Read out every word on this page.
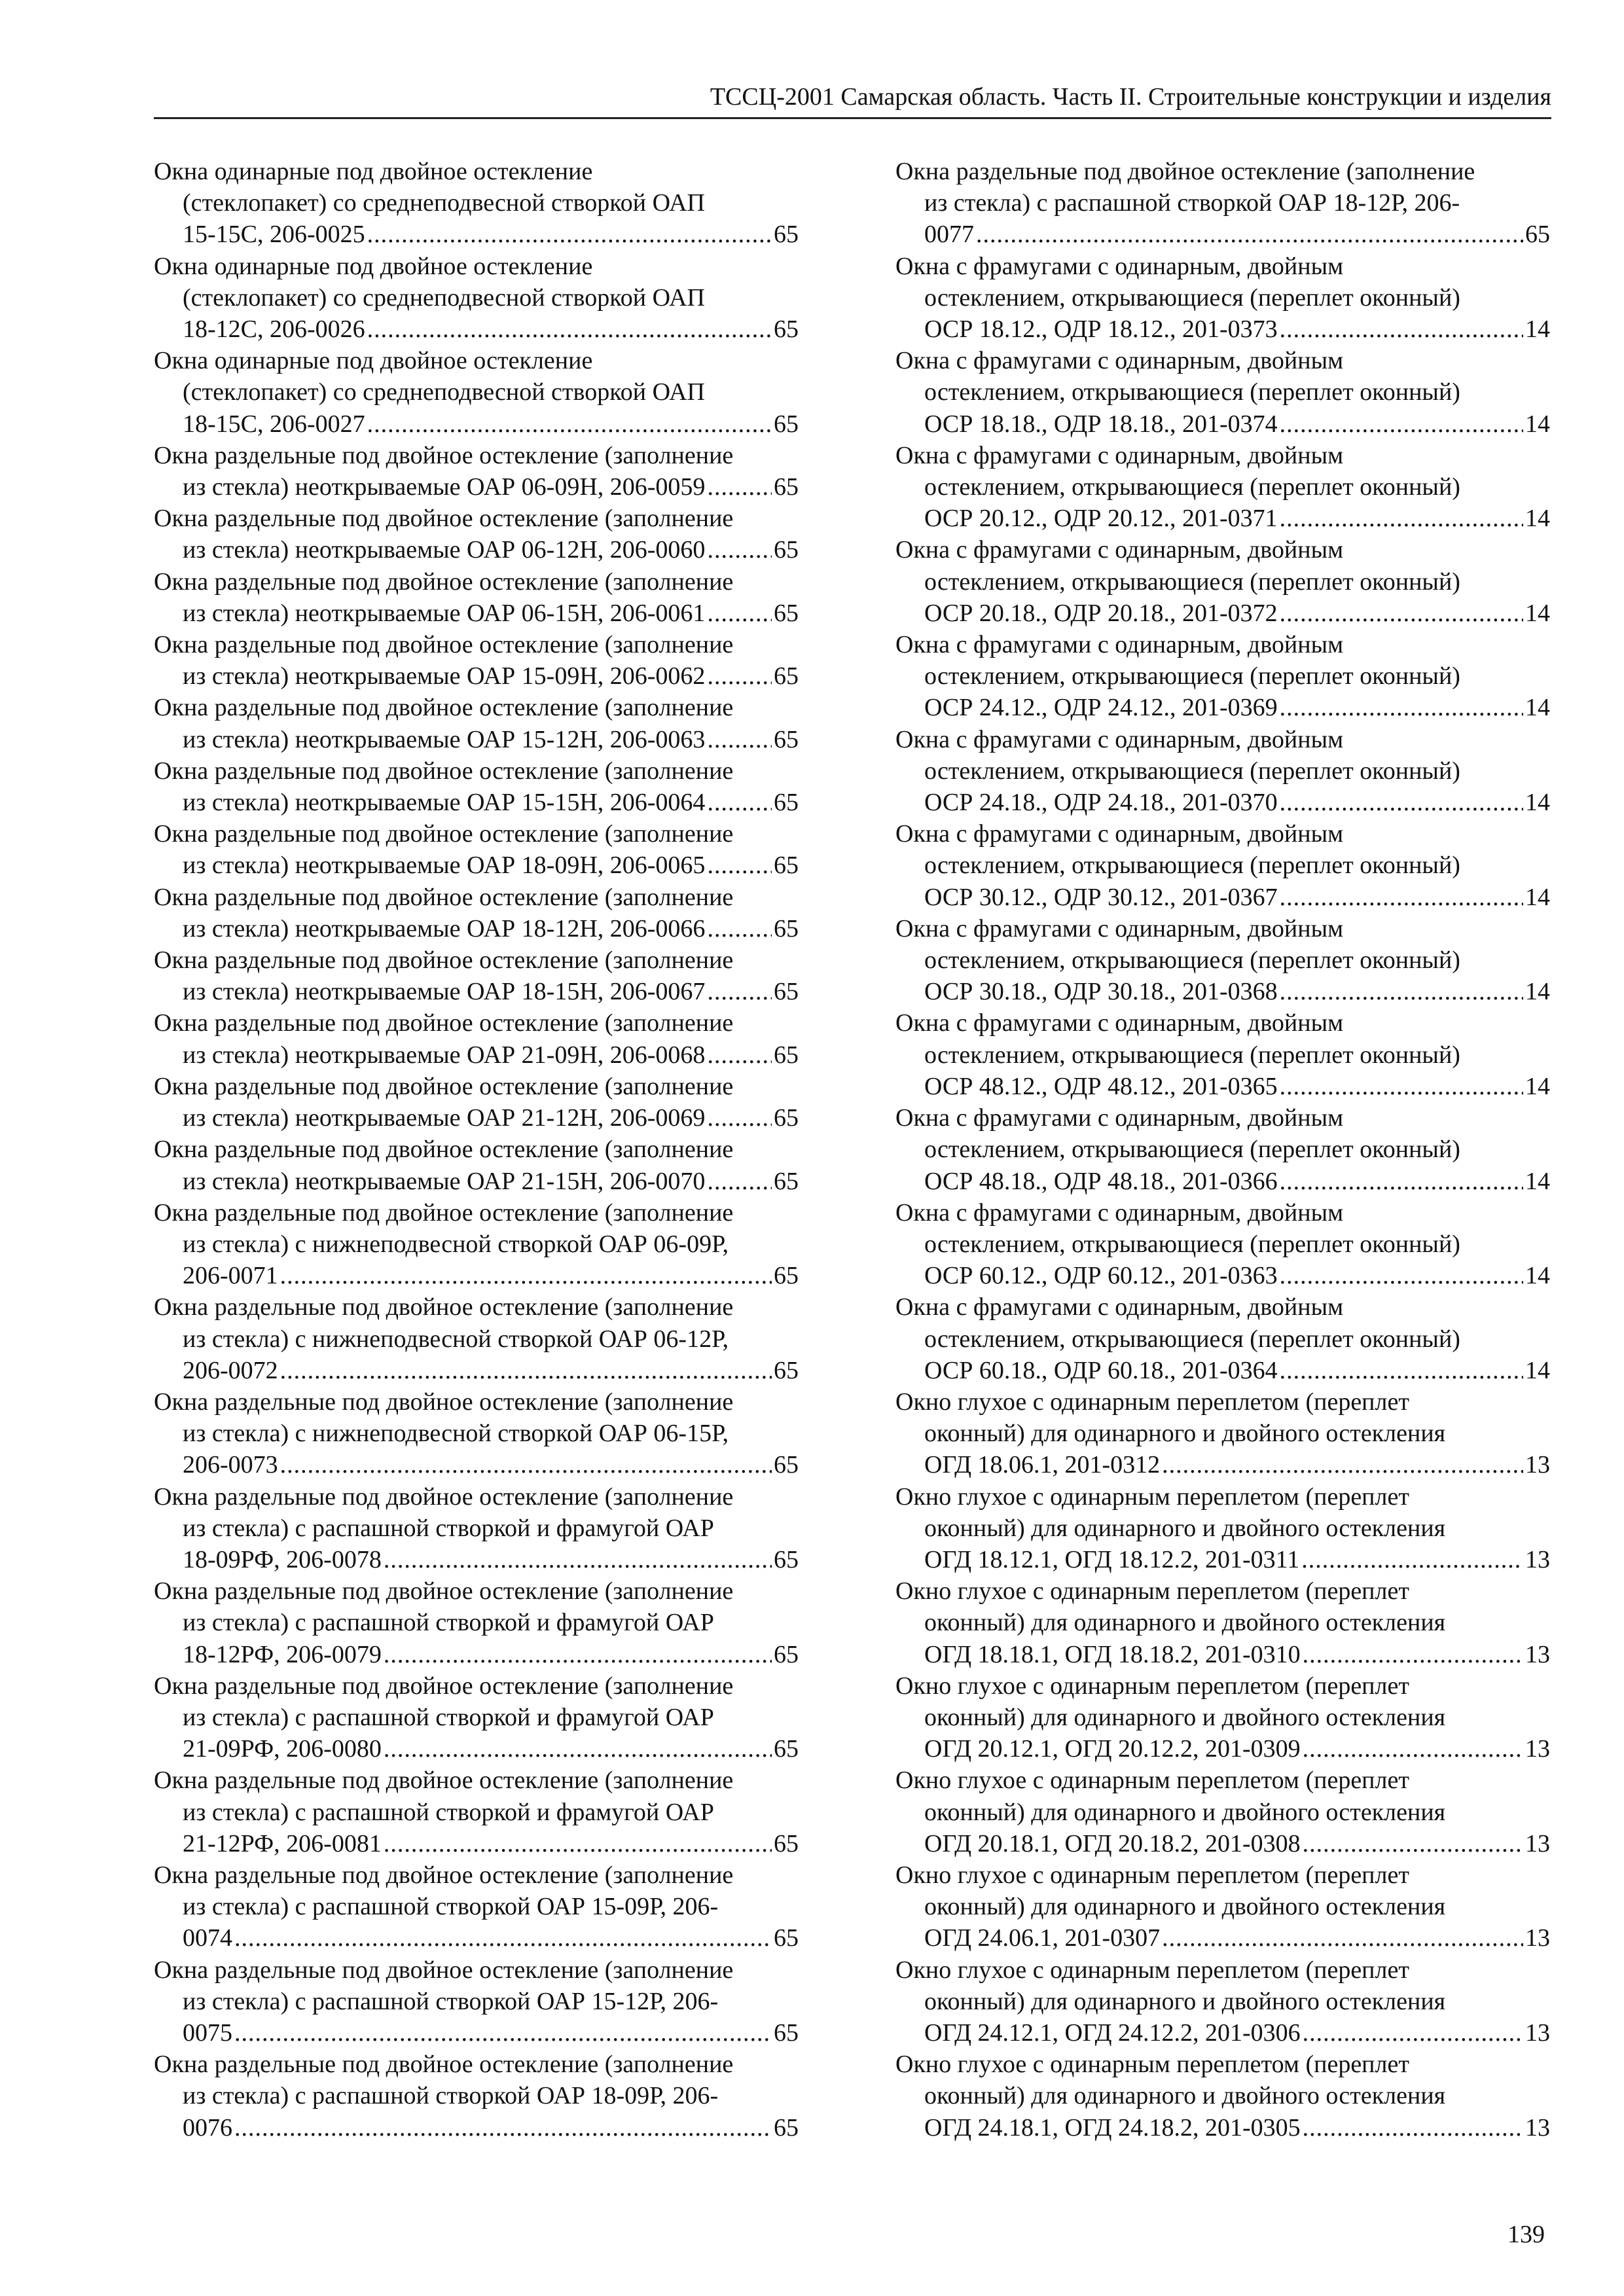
ТССЦ-2001 Самарская область. Часть II. Строительные конструкции и изделия
Окна одинарные под двойное остекление
(стеклопакет) со среднеподвесной створкой ОАП
15-15С, 206-0025 .....	65
Окна одинарные под двойное остекление
(стеклопакет) со среднеподвесной створкой ОАП
18-12С, 206-0026 .....	65
Окна одинарные под двойное остекление
(стеклопакет) со среднеподвесной створкой ОАП
18-15С, 206-0027 .....	65
Окна раздельные под двойное остекление (заполнение
из стекла) неоткрываемые ОАР 06-09Н, 206-0059 .....	65
Окна раздельные под двойное остекление (заполнение
из стекла) неоткрываемые ОАР 06-12Н, 206-0060 .....	65
Окна раздельные под двойное остекление (заполнение
из стекла) неоткрываемые ОАР 06-15Н, 206-0061 .....	65
Окна раздельные под двойное остекление (заполнение
из стекла) неоткрываемые ОАР 15-09Н, 206-0062 .....	65
Окна раздельные под двойное остекление (заполнение
из стекла) неоткрываемые ОАР 15-12Н, 206-0063 .....	65
Окна раздельные под двойное остекление (заполнение
из стекла) неоткрываемые ОАР 15-15Н, 206-0064 .....	65
Окна раздельные под двойное остекление (заполнение
из стекла) неоткрываемые ОАР 18-09Н, 206-0065 .....	65
Окна раздельные под двойное остекление (заполнение
из стекла) неоткрываемые ОАР 18-12Н, 206-0066 .....	65
Окна раздельные под двойное остекление (заполнение
из стекла) неоткрываемые ОАР 18-15Н, 206-0067 .....	65
Окна раздельные под двойное остекление (заполнение
из стекла) неоткрываемые ОАР 21-09Н, 206-0068 .....	65
Окна раздельные под двойное остекление (заполнение
из стекла) неоткрываемые ОАР 21-12Н, 206-0069 .....	65
Окна раздельные под двойное остекление (заполнение
из стекла) неоткрываемые ОАР 21-15Н, 206-0070 .....	65
Окна раздельные под двойное остекление (заполнение
из стекла) с нижнеподвесной створкой ОАР 06-09Р,
206-0071 .....	65
Окна раздельные под двойное остекление (заполнение
из стекла) с нижнеподвесной створкой ОАР 06-12Р,
206-0072 .....	65
Окна раздельные под двойное остекление (заполнение
из стекла) с нижнеподвесной створкой ОАР 06-15Р,
206-0073 .....	65
Окна раздельные под двойное остекление (заполнение
из стекла) с распашной створкой и фрамугой ОАР
18-09РФ, 206-0078 .....	65
Окна раздельные под двойное остекление (заполнение
из стекла) с распашной створкой и фрамугой ОАР
18-12РФ, 206-0079 .....	65
Окна раздельные под двойное остекление (заполнение
из стекла) с распашной створкой и фрамугой ОАР
21-09РФ, 206-0080 .....	65
Окна раздельные под двойное остекление (заполнение
из стекла) с распашной створкой и фрамугой ОАР
21-12РФ, 206-0081 .....	65
Окна раздельные под двойное остекление (заполнение
из стекла) с распашной створкой ОАР 15-09Р, 206-
0074 .....	65
Окна раздельные под двойное остекление (заполнение
из стекла) с распашной створкой ОАР 15-12Р, 206-
0075 .....	65
Окна раздельные под двойное остекление (заполнение
из стекла) с распашной створкой ОАР 18-09Р, 206-
0076 .....	65
Окна раздельные под двойное остекление (заполнение
из стекла) с распашной створкой ОАР 18-12Р, 206-
0077 .....	65
Окна с фрамугами с одинарным, двойным
остеклением, открывающиеся (переплет оконный)
ОСР 18.12., ОДР 18.12., 201-0373 .....	14
Окна с фрамугами с одинарным, двойным
остеклением, открывающиеся (переплет оконный)
ОСР 18.18., ОДР 18.18., 201-0374 .....	14
Окна с фрамугами с одинарным, двойным
остеклением, открывающиеся (переплет оконный)
ОСР 20.12., ОДР 20.12., 201-0371 .....	14
Окна с фрамугами с одинарным, двойным
остеклением, открывающиеся (переплет оконный)
ОСР 20.18., ОДР 20.18., 201-0372 .....	14
Окна с фрамугами с одинарным, двойным
остеклением, открывающиеся (переплет оконный)
ОСР 24.12., ОДР 24.12., 201-0369 .....	14
Окна с фрамугами с одинарным, двойным
остеклением, открывающиеся (переплет оконный)
ОСР 24.18., ОДР 24.18., 201-0370 .....	14
Окна с фрамугами с одинарным, двойным
остеклением, открывающиеся (переплет оконный)
ОСР 30.12., ОДР 30.12., 201-0367 .....	14
Окна с фрамугами с одинарным, двойным
остеклением, открывающиеся (переплет оконный)
ОСР 30.18., ОДР 30.18., 201-0368 .....	14
Окна с фрамугами с одинарным, двойным
остеклением, открывающиеся (переплет оконный)
ОСР 48.12., ОДР 48.12., 201-0365 .....	14
Окна с фрамугами с одинарным, двойным
остеклением, открывающиеся (переплет оконный)
ОСР 48.18., ОДР 48.18., 201-0366 .....	14
Окна с фрамугами с одинарным, двойным
остеклением, открывающиеся (переплет оконный)
ОСР 60.12., ОДР 60.12., 201-0363 .....	14
Окна с фрамугами с одинарным, двойным
остеклением, открывающиеся (переплет оконный)
ОСР 60.18., ОДР 60.18., 201-0364 .....	14
Окно глухое с одинарным переплетом (переплет
оконный) для одинарного и двойного остекления
ОГД 18.06.1, 201-0312 .....	13
Окно глухое с одинарным переплетом (переплет
оконный) для одинарного и двойного остекления
ОГД 18.12.1, ОГД 18.12.2, 201-0311 .....	13
Окно глухое с одинарным переплетом (переплет
оконный) для одинарного и двойного остекления
ОГД 18.18.1, ОГД 18.18.2, 201-0310 .....	13
Окно глухое с одинарным переплетом (переплет
оконный) для одинарного и двойного остекления
ОГД 20.12.1, ОГД 20.12.2, 201-0309 .....	13
Окно глухое с одинарным переплетом (переплет
оконный) для одинарного и двойного остекления
ОГД 20.18.1, ОГД 20.18.2, 201-0308 .....	13
Окно глухое с одинарным переплетом (переплет
оконный) для одинарного и двойного остекления
ОГД 24.06.1, 201-0307 .....	13
Окно глухое с одинарным переплетом (переплет
оконный) для одинарного и двойного остекления
ОГД 24.12.1, ОГД 24.12.2, 201-0306 .....	13
Окно глухое с одинарным переплетом (переплет
оконный) для одинарного и двойного остекления
ОГД 24.18.1, ОГД 24.18.2, 201-0305 .....	13
139
